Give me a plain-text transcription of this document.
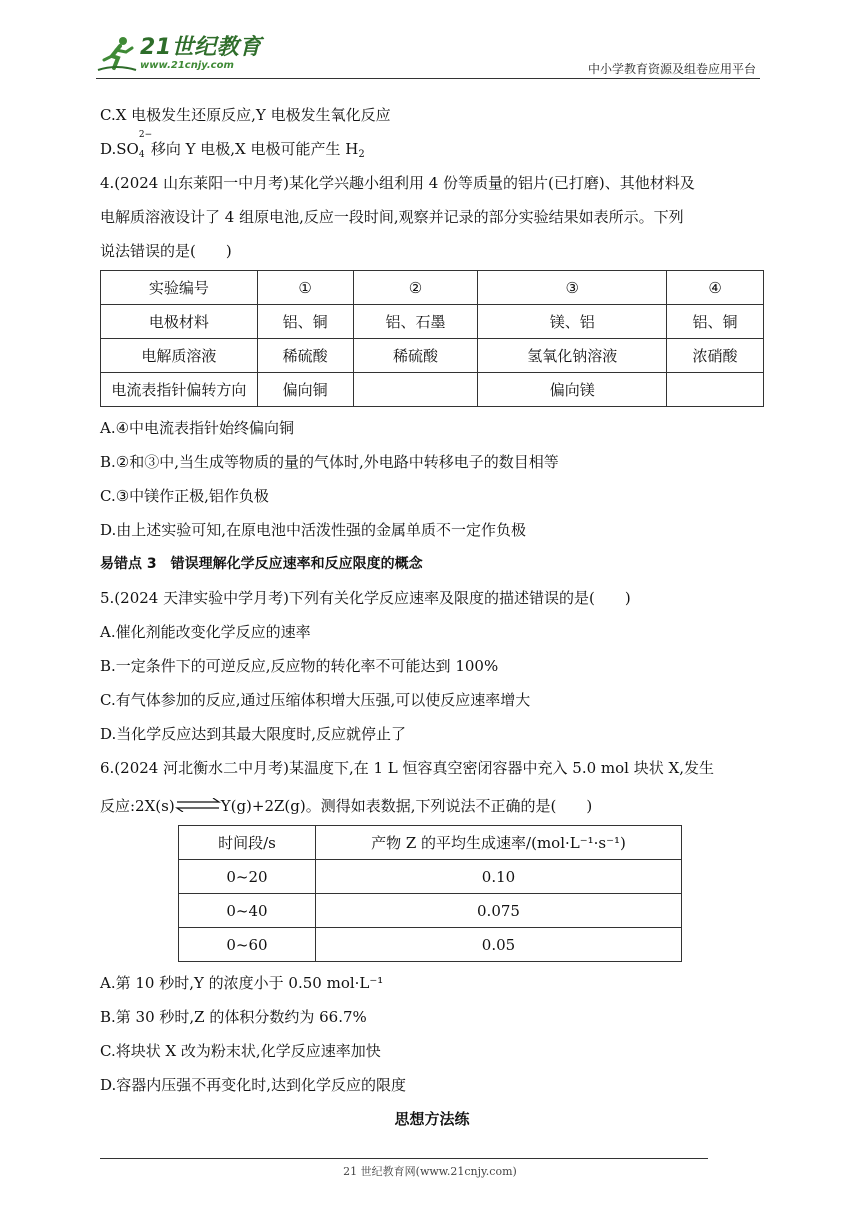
21世纪教育
www.21cnjy.com	中小学教育资源及组卷应用平台
C.X 电极发生还原反应,Y 电极发生氧化反应
D.SO
2−
4 移向 Y 电极,X 电极可能产生 $H_2$
4.(2024 山东莱阳一中月考)某化学兴趣小组利用 4 份等质量的铝片(已打磨)、其他材料及
电解质溶液设计了 4 组原电池,反应一段时间,观察并记录的部分实验结果如表所示。下列
说法错误的是(　　)
实验编号	①	②	③	④
电极材料	铝、铜	铝、石墨	镁、铝	铝、铜
电解质溶液	稀硫酸	稀硫酸	氢氧化钠溶液	浓硝酸
电流表指针偏转方向	偏向铜		偏向镁	
A.④中电流表指针始终偏向铜
B.②和③中,当生成等物质的量的气体时,外电路中转移电子的数目相等
C.③中镁作正极,铝作负极
D.由上述实验可知,在原电池中活泼性强的金属单质不一定作负极
易错点 3　错误理解化学反应速率和反应限度的概念
5.(2024 天津实验中学月考)下列有关化学反应速率及限度的描述错误的是(　　)
A.催化剂能改变化学反应的速率
B.一定条件下的可逆反应,反应物的转化率不可能达到 100%
C.有气体参加的反应,通过压缩体积增大压强,可以使反应速率增大
D.当化学反应达到其最大限度时,反应就停止了
6.(2024 河北衡水二中月考)某温度下,在 1 L 恒容真空密闭容器中充入 5.0 mol 块状 X,发生
反应:2X(s)	Y(g)+2Z(g)。测得如表数据,下列说法不正确的是(　　)
时间段/s	产物 Z 的平均生成速率/(mol·L⁻¹·s⁻¹)
0~20	0.10
0~40	0.075
0~60	0.05
A.第 10 秒时,Y 的浓度小于 0.50 mol·L⁻¹
B.第 30 秒时,Z 的体积分数约为 66.7%
C.将块状 X 改为粉末状,化学反应速率加快
D.容器内压强不再变化时,达到化学反应的限度
思想方法练
21 世纪教育网(www.21cnjy.com)
